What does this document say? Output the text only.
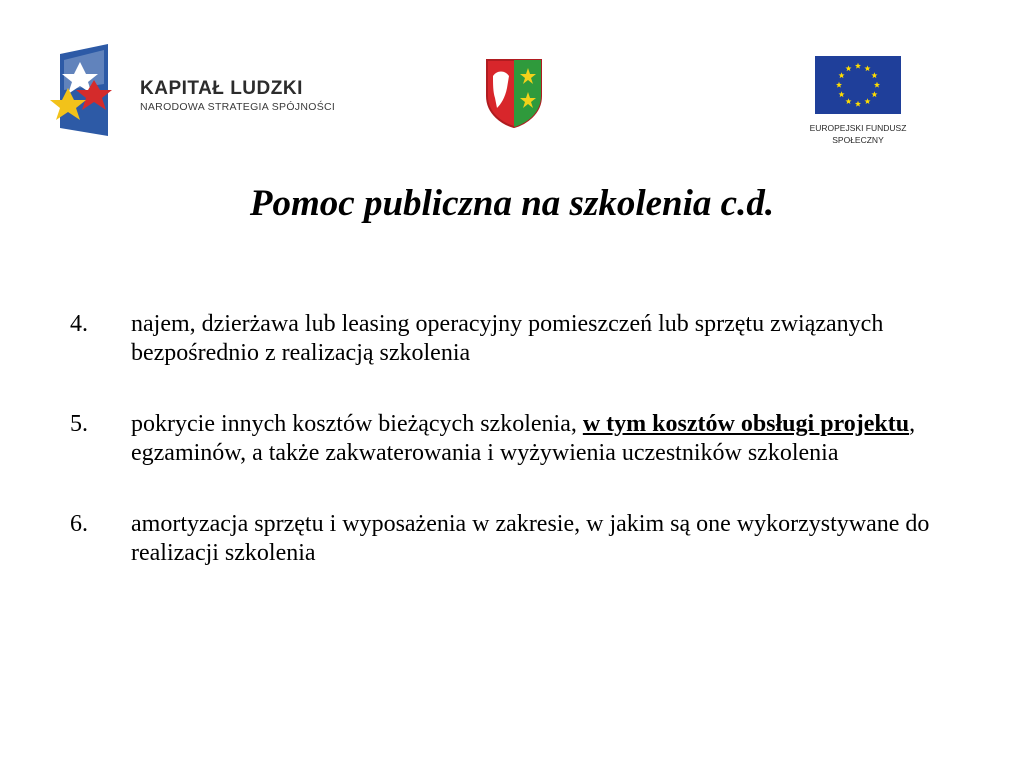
KAPITAŁ LUDZKI
NARODOWA STRATEGIA SPÓJNOŚCI
EUROPEJSKI FUNDUSZ
SPOŁECZNY
Pomoc publiczna na szkolenia c.d.
4.	najem, dzierżawa lub leasing operacyjny pomieszczeń lub sprzętu związanych bezpośrednio z realizacją szkolenia
5.	pokrycie innych kosztów bieżących szkolenia, w tym kosztów obsługi projektu, egzaminów, a także zakwaterowania i wyżywienia uczestników szkolenia
6.	amortyzacja sprzętu i wyposażenia w zakresie, w jakim są one wykorzystywane do realizacji szkolenia
